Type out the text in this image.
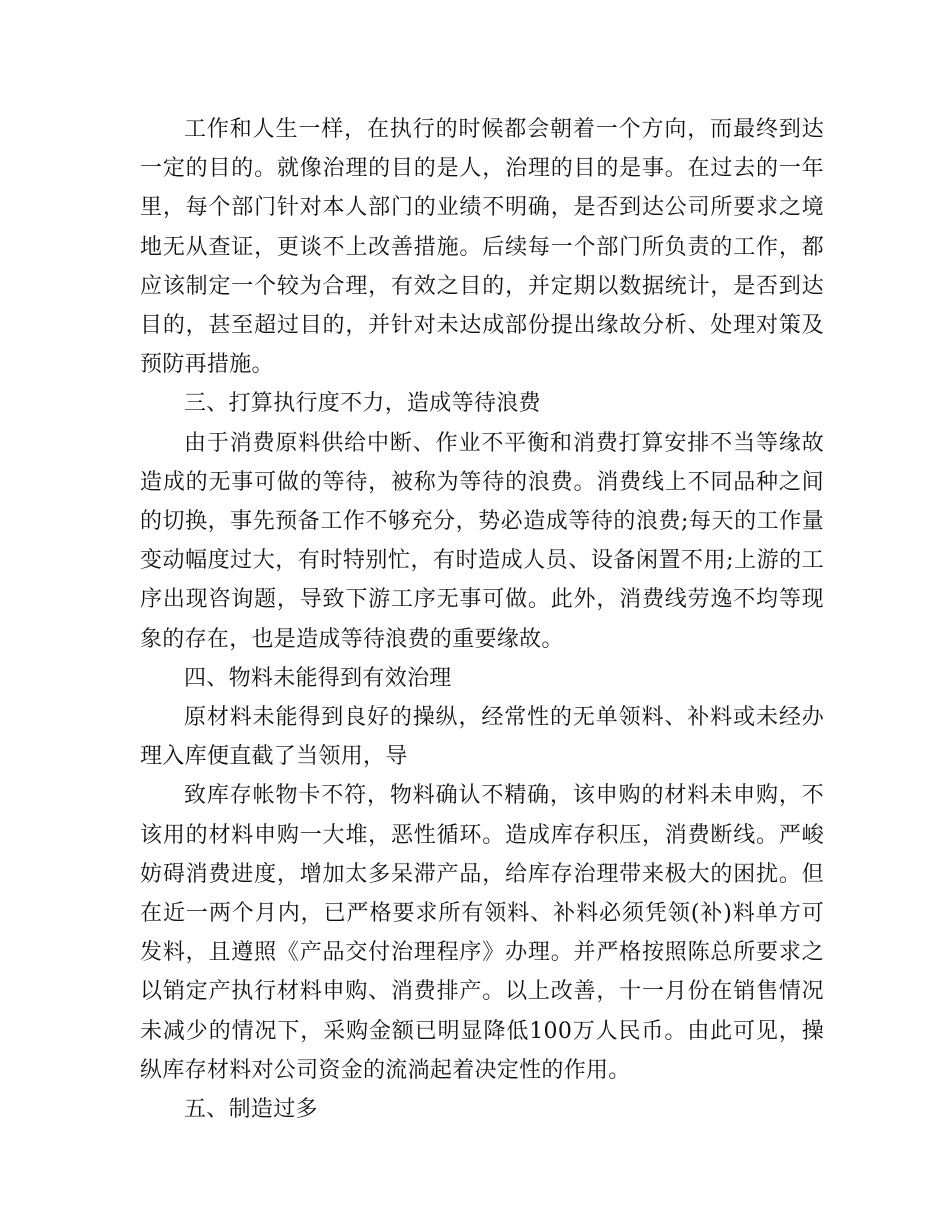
工作和人生一样，在执行的时候都会朝着一个方向，而最终到达一定的目的。就像治理的目的是人，治理的目的是事。在过去的一年里，每个部门针对本人部门的业绩不明确，是否到达公司所要求之境地无从查证，更谈不上改善措施。后续每一个部门所负责的工作，都应该制定一个较为合理，有效之目的，并定期以数据统计，是否到达目的，甚至超过目的，并针对未达成部份提出缘故分析、处理对策及预防再措施。

三、打算执行度不力，造成等待浪费

由于消费原料供给中断、作业不平衡和消费打算安排不当等缘故造成的无事可做的等待，被称为等待的浪费。消费线上不同品种之间的切换，事先预备工作不够充分，势必造成等待的浪费;每天的工作量变动幅度过大，有时特别忙，有时造成人员、设备闲置不用;上游的工序出现咨询题，导致下游工序无事可做。此外，消费线劳逸不均等现象的存在，也是造成等待浪费的重要缘故。

四、物料未能得到有效治理

原材料未能得到良好的操纵，经常性的无单领料、补料或未经办理入库便直截了当领用，导

致库存帐物卡不符，物料确认不精确，该申购的材料未申购，不该用的材料申购一大堆，恶性循环。造成库存积压，消费断线。严峻妨碍消费进度，增加太多呆滞产品，给库存治理带来极大的困扰。但在近一两个月内，已严格要求所有领料、补料必须凭领(补)料单方可发料，且遵照《产品交付治理程序》办理。并严格按照陈总所要求之以销定产执行材料申购、消费排产。以上改善，十一月份在销售情况未减少的情况下，采购金额已明显降低100万人民币。由此可见，操纵库存材料对公司资金的流淌起着决定性的作用。

五、制造过多
